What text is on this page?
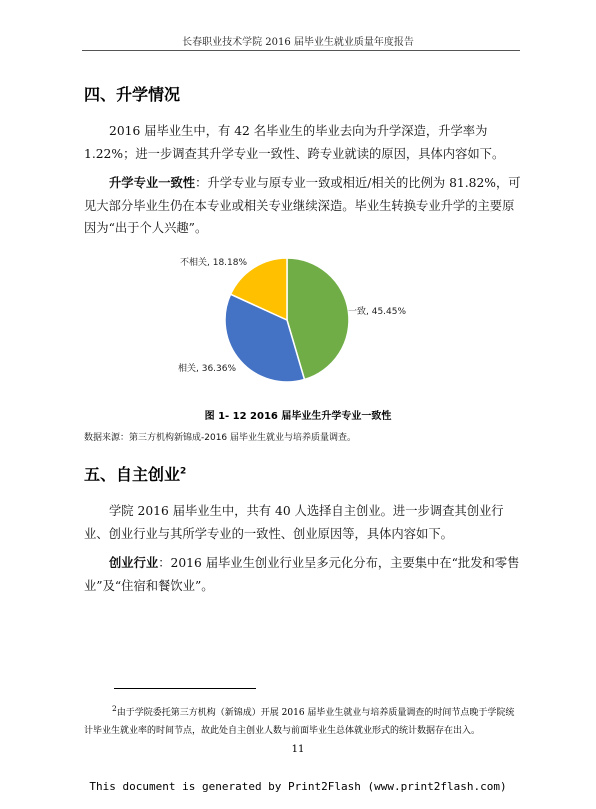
长春职业技术学院 2016 届毕业生就业质量年度报告
四、升学情况

2016 届毕业生中，有 42 名毕业生的毕业去向为升学深造，升学率为 1.22%；进一步调查其升学专业一致性、跨专业就读的原因，具体内容如下。

升学专业一致性：升学专业与原专业一致或相近/相关的比例为 81.82%，可见大部分毕业生仍在本专业或相关专业继续深造。毕业生转换专业升学的主要原因为“出于个人兴趣”。

一致, 45.45%
相关, 36.36%
不相关, 18.18%
图 1- 12 2016 届毕业生升学专业一致性
数据来源：第三方机构新锦成-2016 届毕业生就业与培养质量调查。
五、自主创业$^2$

学院 2016 届毕业生中，共有 40 人选择自主创业。进一步调查其创业行业、创业行业与其所学专业的一致性、创业原因等，具体内容如下。

创业行业：2016 届毕业生创业行业呈多元化分布，主要集中在“批发和零售业”及“住宿和餐饮业”。

$^2$由于学院委托第三方机构（新锦成）开展 2016 届毕业生就业与培养质量调查的时间节点晚于学院统计毕业生就业率的时间节点，故此处自主创业人数与前面毕业生总体就业形式的统计数据存在出入。

11
This document is generated by Print2Flash (www.print2flash.com)
